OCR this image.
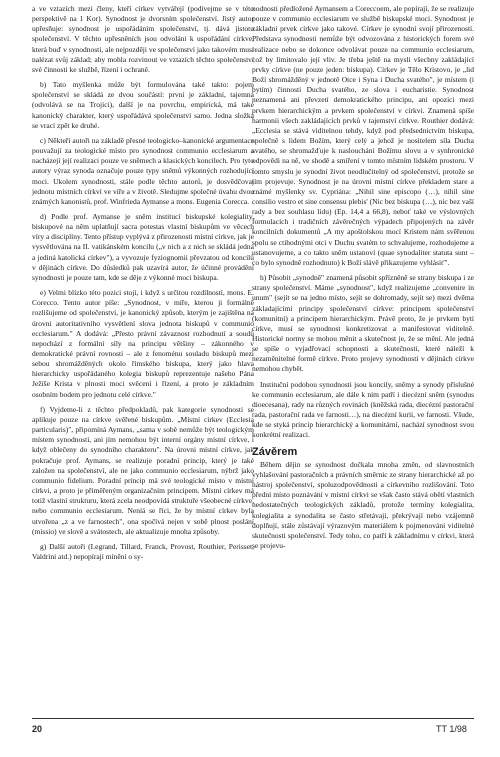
a ve vztazích mezi členy, kteří církev vytvářejí (podívejme se v této perspektivě na 1 Kor). Synodnost je dvorsním společenství. Jistý autor upřesňuje: synodnost je uspořádáním společenství, tj. dává jistotu společenství. V těchto upřesněních jsou odvoláni k uspořádání církve, která buď v synodnosti, ale nejpozději ve společenství jako takovém musí nalézat svůj základ; aby mohla rozvinout ve vztazích těchto společenství své činnosti ke službě, řízení i ochraně.

b) Tato myšlenka může být formulována také takto: pojem společenství se skládá ze dvou součástí: první je základní, tajemná (odvolává se na Trojici), další je na povrchu, empirická, má také kanonický charakter, který uspořádává společenství samo. Jedna složka se vrací zpět ke druhé.

c) Někteří autoři na základě přesné teologicko–kanonické argumentace pouvažují za teologické místo pro synodnost communio ecclesiarum a nacházejí její realizaci pouze ve sněmech a klasických koncilech. Pro tyto autory výraz synoda označuje pouze typy sněmů výkonných rozhodující moci. Ukolem synodnosti, stále podle těchto autorů, je dosvědčovat jednotu místních církví ve víře a v životě. Sledujme společné úvahu dvou známých kanonistů, prof. Winfrieda Aymanse a mons. Eugenia Corecca.

d) Podle prof. Aymanse je sněm institucí biskupské kolegiality, biskupové na něm uplatňují sacra potestas vlastní biskupům ve věcech víry a disciplíny. Tento přístup vyplývá z přirozenosti místní církve, jak je vysvětlována na II. vatikánském koncilu („v nich a z nich se skládá jedna a jediná katolická církev"), a vyvozuje fyziognomii převzatou od koncilů v dějinách církve. Do důsledků pak uzavírá autor, že účinné provádění synodnosti je pouze tam, kde se děje z výkonné moci biskupa.

e) Velmi blízko této pozici stojí, i když s určitou rozdílností, mons. E. Corecco. Tento autor píše: „Synodnost, v míře, kterou ji formálně rozlišujeme od společenství, je kanonický způsob, kterým je zajištěna na úrovni autoritativního vysvětlení slova jednota biskupů v communio ecclesiarum." A dodává: „Přesto právní závaznost rozhodnutí a soudů nepochází z formální síly na principu většiny – zákonného v demokratické právní rovnosti – ale z fenoménu souladu biskupů mezi sebou shromážděných okolo římského biskupa, který jako hlava hierarchicky uspořádaného kolegia biskupů reprezentuje našeho Pána Ježíše Krista v plnosti moci svěcení i řízení, a proto je základním osobním bodem pro jednotu celé církve."

f) Vyjdeme-li z těchto předpokladů, pak kategorie synodnosti se aplikuje pouze na církve svěřené biskupům. „Místní církev (Ecclesia particularis)", připomíná Aymans, „sama v sobě nemůže být teologickým místem synodnosti, ani jím nemohou být interní orgány místní církve, i když oblečeny do synodního charakteru". Na úrovni místní církve, jak pokračuje prof. Aymans, se realizuje poradní princip, který je také založen na společenství, ale ne jako communio ecclesiarum, nýbrž jako communio fidelium. Poradní princip má své teologické místo v místní církvi, a proto je přiměřeným organizačním principem. Místní církev má totiž vlastní strukturu, která zcela neodpovídá struktuře všeobecné církve, nebo communio ecclesiarum. Neníá se říci, že by místní církev byla utvořena „z a ve farnostech", ona spočívá nejen v sobě plnost poslání (missio) ve slově a svátostech, ale aktualizuje mnoha způsoby.

g) Další autoři (Legrand, Tillard, Franck, Provost, Routhier, Perisset, Valdrini atd.) nepopírají mínění o sy-

nodnosti předložené Aymansem a Coreccoem, ale popírají, že se realizuje pouze v communio ecclesiarum ve službě biskupské moci. Synodnost je základní prvek církve jako takové. Církev je synodní svojí přirozeností. Představa synodnosti nemůže být odvozována z historických forem své realizace nebo se dokonce odvolávat pouze na communio ecclesiarum, což by limitovalo její vliv. Je třeba ještě na mysli všechny zakládající prvky církve (ne pouze jeden: biskupa). Církev je Tělo Kristovo, je „lid Boží shromážděný v jednotě Otce i Syna i Ducha svatého", je místem (i bytím) činnosti Ducha svatého, ze slova i eucharistie. Synodnost neznamená ani převzetí demokratického principu, ani opozici mezi prvkem hierarchickým a prvkem společenství v církvi. Znamená spíše harmonii všech zakládajících prvků v tajemství církve. Routhier dodává: „Ecclesia se stává viditelnou tehdy, když pod předsednictvím biskupa, společně s lidem Božím, který celý a jehož je nositelem síla Ducha svatého, se shromažďuje k naslouchání Božímu slovu a v synhronické odpovědi na ně, ve shodě a smíření v tomto místním lidském prostoru. V tomto smyslu je synodní život neodlučitelný od společenství, protože se jím projevuje. Synodnost je na úrovni místní církve překladem stare a známé myšlenky sv. Cypriána: „Nihil sine episcopo (…), nihil sine consilio vestro et sine consensu plebis' (Nic bez biskupa (…), nic bez vaší rady a bez souhlasu lidu) (Ep. 14,4 a 66,8), neboť také ve výslovných formulacích i tradičních závěrečných výpadech připojených na závěr koncilních dokumentů „A my apoštolskou mocí Kristem nám svěřenou spolu se ctihodnými otci v Duchu svatém to schvalujeme, rozhodujeme a ustanovujeme, a co takto sněm ustanoví (quae synodaliter statuta sunt – co bylo synodně rozhodnuto) k Boží slávě přikazujeme vyhlásit'".

h) Působit „synodně" znamená působit spřízněně se strany biskupa i ze strany společenství. Máme „synodnost", když realizujeme „convenire in unum" (sejít se na jedno místo, sejít se dohromady, sejít se) mezi dvěma základajícími principy společenství církve: principem společenství (komunitní) a principem hierarchickým. Právě proto, že je prvkem bytí církve, musí se synodnost konkretizovat a manifestovat viditelně. Historické normy se mohou měnit a skutečnost je, že se mění. Ale jedná se spíše o vyjadřovací schopnosti a skutečnosti, které náleží k nezaměnitelné formě církve. Proto projevy synodnosti v dějinách církve nemohou chybět.

Instituční podobou synodnosti jsou koncily, sněmy a synody příslušné ke communio ecclesiarum, ale dále k nim patří i diecézní sněm (synodus dioecesana), rady na různých rovinách (kněžská rada, diecézní pastorační rada, pastorační rada ve farnosti…), na diecézní kurii, ve farnosti. Všude, kde se styká princip hierarchický a komunitární, nachází synodnost svou konkrétní realizaci.

Závěrem

Během dějin se synodnost dočkala mnoha změn, od slavnostních vyhlašování pastoračních a právních směrnic ze strany hierarchické až po nástroj společenství, spoluzodpovědnosti a církevního rozlišování. Toto přední místo poznávání v místní církvi se však často stává obětí vlastních nedostatečných teologických základů, protože termíny kolegialita, kolegialita a synodalita se často střetávají, překrývají nebo vzájemně doplňují, stále zůstávají výrazovým materiálem k pojmenování viditelné skutečnosti společenství. Tedy toho, co patří k základnímu v církvi, která se projevu-

20	TT 1/98
